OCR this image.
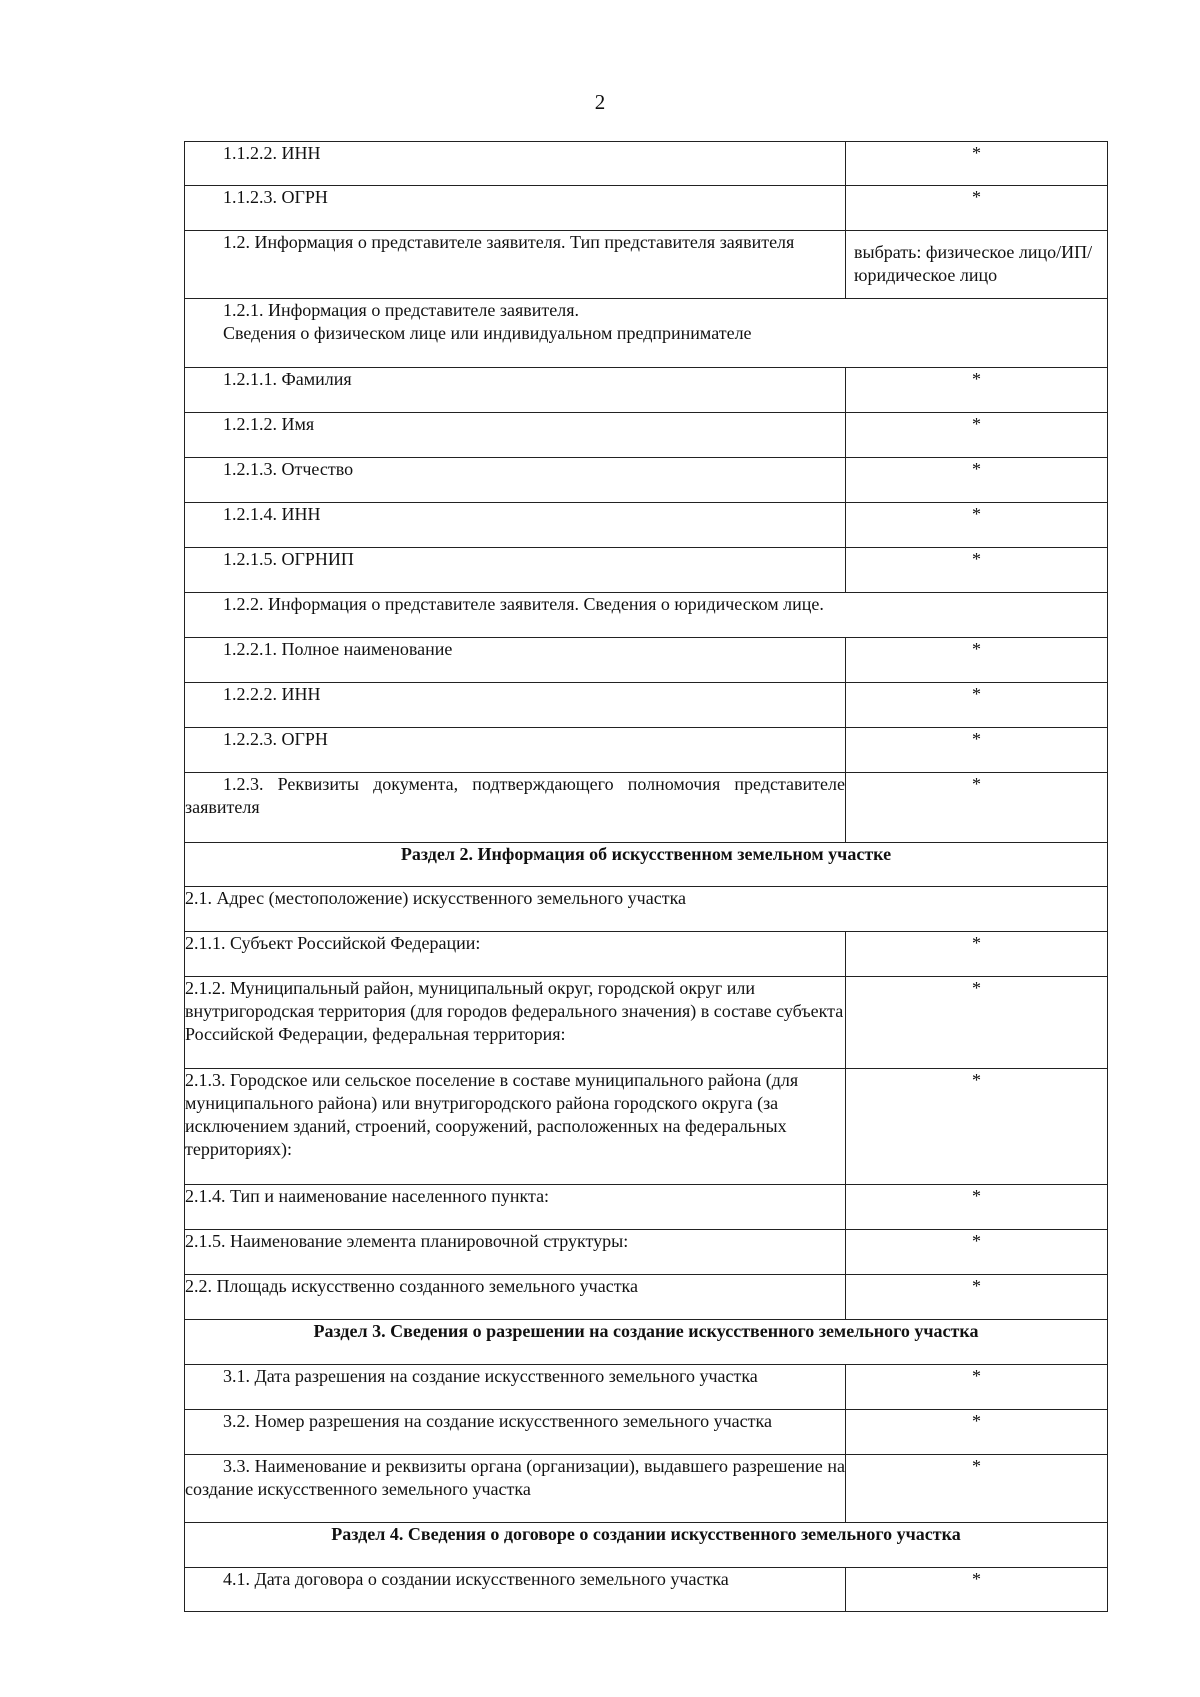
2
1.1.2.2. ИНН	*

1.1.2.3. ОГРН	*

1.2. Информация о представителе заявителя. Тип представителя заявителя	выбрать: физическое лицо/ИП/юридическое лицо

1.2.1. Информация о представителе заявителя.
Сведения о физическом лице или индивидуальном предпринимателе	

1.2.1.1. Фамилия	*

1.2.1.2. Имя	*

1.2.1.3. Отчество	*

1.2.1.4. ИНН	*

1.2.1.5. ОГРНИП	*

1.2.2. Информация о представителе заявителя. Сведения о юридическом лице.	

1.2.2.1. Полное наименование	*

1.2.2.2. ИНН	*

1.2.2.3. ОГРН	*

1.2.3. Реквизиты документа, подтверждающего полномочия представителе заявителя	*
Раздел 2. Информация об искусственном земельном участке	

2.1. Адрес (местоположение) искусственного земельного участка	

2.1.1. Субъект Российской Федерации:	*

2.1.2. Муниципальный район, муниципальный округ, городской округ или внутригородская территория (для городов федерального значения) в составе субъекта Российской Федерации, федеральная территория:	*

2.1.3. Городское или сельское поселение в составе муниципального района (для муниципального района) или внутригородского района городского округа (за исключением зданий, строений, сооружений, расположенных на федеральных территориях):	*

2.1.4. Тип и наименование населенного пункта:	*

2.1.5. Наименование элемента планировочной структуры:	*

2.2. Площадь искусственно созданного земельного участка	*
Раздел 3. Сведения о разрешении на создание искусственного земельного участка	

3.1. Дата разрешения на создание искусственного земельного участка	*

3.2. Номер разрешения на создание искусственного земельного участка	*

3.3. Наименование и реквизиты органа (организации), выдавшего разрешение на создание искусственного земельного участка	*
Раздел 4. Сведения о договоре о создании искусственного земельного участка	

4.1. Дата договора о создании искусственного земельного участка	*
